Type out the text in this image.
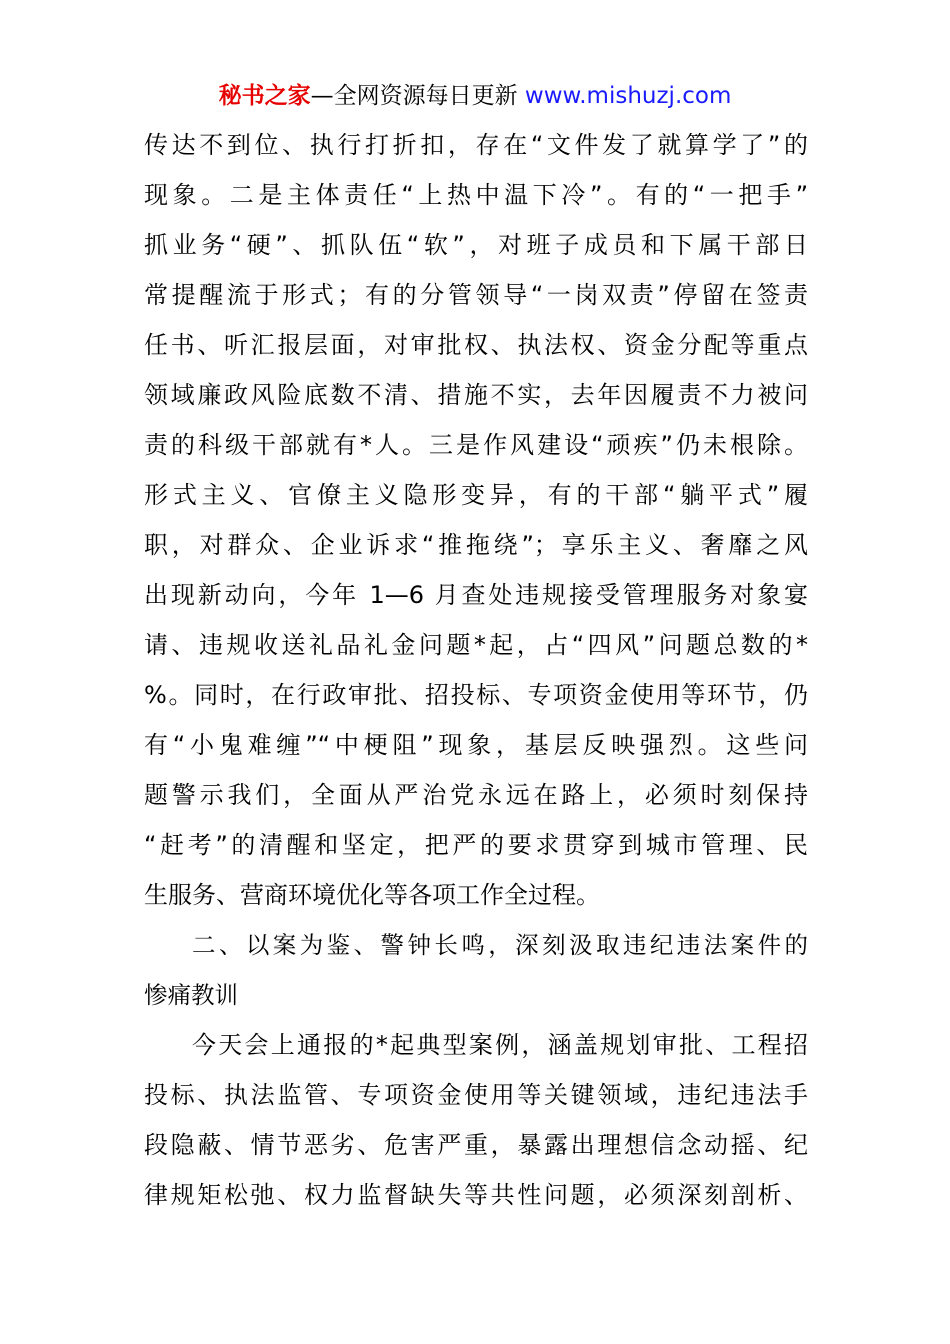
秘书之家—全网资源每日更新 www.mishuzj.com
传达不到位、执行打折扣，存在“文件发了就算学了”的
现象。二是主体责任“上热中温下冷”。有的“一把手”
抓业务“硬”、抓队伍“软”，对班子成员和下属干部日
常提醒流于形式；有的分管领导“一岗双责”停留在签责
任书、听汇报层面，对审批权、执法权、资金分配等重点
领域廉政风险底数不清、措施不实，去年因履责不力被问
责的科级干部就有*人。三是作风建设“顽疾”仍未根除。
形式主义、官僚主义隐形变异，有的干部“躺平式”履
职，对群众、企业诉求“推拖绕”；享乐主义、奢靡之风
出现新动向，今年 1—6 月查处违规接受管理服务对象宴
请、违规收送礼品礼金问题*起，占“四风”问题总数的*
%。同时，在行政审批、招投标、专项资金使用等环节，仍
有“小鬼难缠”“中梗阻”现象，基层反映强烈。这些问
题警示我们，全面从严治党永远在路上，必须时刻保持
“赶考”的清醒和坚定，把严的要求贯穿到城市管理、民
生服务、营商环境优化等各项工作全过程。
二、以案为鉴、警钟长鸣，深刻汲取违纪违法案件的
惨痛教训
今天会上通报的*起典型案例，涵盖规划审批、工程招
投标、执法监管、专项资金使用等关键领域，违纪违法手
段隐蔽、情节恶劣、危害严重，暴露出理想信念动摇、纪
律规矩松弛、权力监督缺失等共性问题，必须深刻剖析、
